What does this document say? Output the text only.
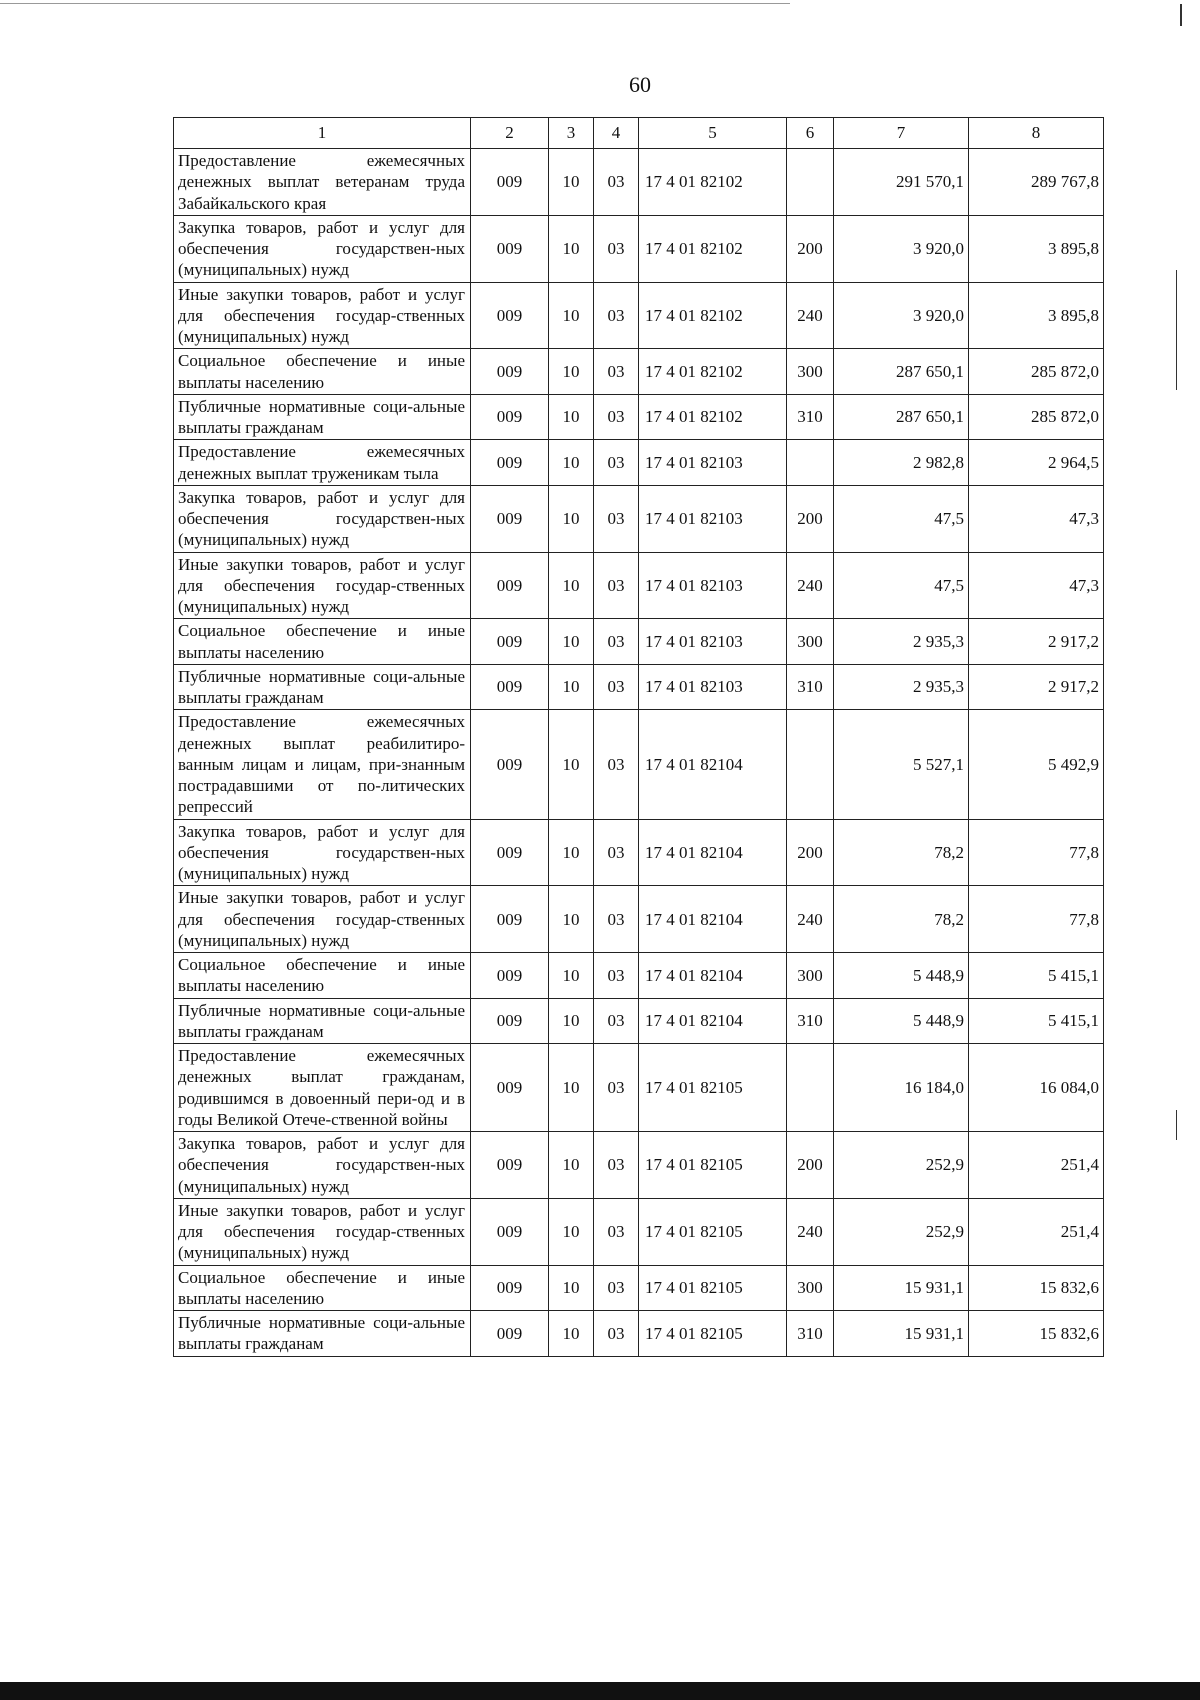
60
1	2	3	4	5	6	7	8
Предоставление ежемесячных денежных выплат ветеранам труда Забайкальского края	009	10	03	17 4 01 82102		291 570,1	289 767,8
Закупка товаров, работ и услуг для обеспечения государствен-ных (муниципальных) нужд	009	10	03	17 4 01 82102	200	3 920,0	3 895,8
Иные закупки товаров, работ и услуг для обеспечения государ-ственных (муниципальных) нужд	009	10	03	17 4 01 82102	240	3 920,0	3 895,8
Социальное обеспечение и иные выплаты населению	009	10	03	17 4 01 82102	300	287 650,1	285 872,0
Публичные нормативные соци-альные выплаты гражданам	009	10	03	17 4 01 82102	310	287 650,1	285 872,0
Предоставление ежемесячных денежных выплат труженикам тыла	009	10	03	17 4 01 82103		2 982,8	2 964,5
Закупка товаров, работ и услуг для обеспечения государствен-ных (муниципальных) нужд	009	10	03	17 4 01 82103	200	47,5	47,3
Иные закупки товаров, работ и услуг для обеспечения государ-ственных (муниципальных) нужд	009	10	03	17 4 01 82103	240	47,5	47,3
Социальное обеспечение и иные выплаты населению	009	10	03	17 4 01 82103	300	2 935,3	2 917,2
Публичные нормативные соци-альные выплаты гражданам	009	10	03	17 4 01 82103	310	2 935,3	2 917,2
Предоставление ежемесячных денежных выплат реабилитиро-ванным лицам и лицам, при-знанным пострадавшими от по-литических репрессий	009	10	03	17 4 01 82104		5 527,1	5 492,9
Закупка товаров, работ и услуг для обеспечения государствен-ных (муниципальных) нужд	009	10	03	17 4 01 82104	200	78,2	77,8
Иные закупки товаров, работ и услуг для обеспечения государ-ственных (муниципальных) нужд	009	10	03	17 4 01 82104	240	78,2	77,8
Социальное обеспечение и иные выплаты населению	009	10	03	17 4 01 82104	300	5 448,9	5 415,1
Публичные нормативные соци-альные выплаты гражданам	009	10	03	17 4 01 82104	310	5 448,9	5 415,1
Предоставление ежемесячных денежных выплат гражданам, родившимся в довоенный пери-од и в годы Великой Отече-ственной войны	009	10	03	17 4 01 82105		16 184,0	16 084,0
Закупка товаров, работ и услуг для обеспечения государствен-ных (муниципальных) нужд	009	10	03	17 4 01 82105	200	252,9	251,4
Иные закупки товаров, работ и услуг для обеспечения государ-ственных (муниципальных) нужд	009	10	03	17 4 01 82105	240	252,9	251,4
Социальное обеспечение и иные выплаты населению	009	10	03	17 4 01 82105	300	15 931,1	15 832,6
Публичные нормативные соци-альные выплаты гражданам	009	10	03	17 4 01 82105	310	15 931,1	15 832,6
